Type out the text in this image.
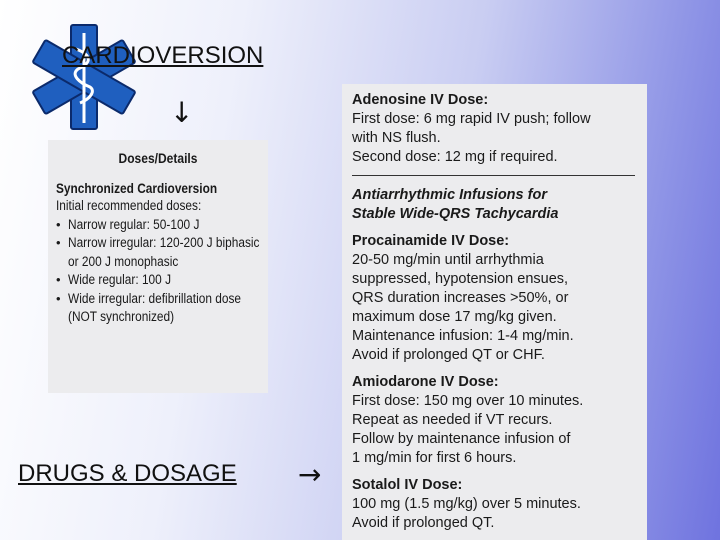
CARDIOVERSION
↓
Doses/Details
Synchronized Cardioversion
Initial recommended doses:
• Narrow regular: 50-100 J
• Narrow irregular: 120-200 J biphasic
or 200 J monophasic
• Wide regular: 100 J
• Wide irregular: defibrillation dose
(NOT synchronized)
Adenosine IV Dose:
First dose: 6 mg rapid IV push; follow
with NS flush.
Second dose: 12 mg if required.
Antiarrhythmic Infusions for
Stable Wide-QRS Tachycardia
Procainamide IV Dose:
20-50 mg/min until arrhythmia
suppressed, hypotension ensues,
QRS duration increases >50%, or
maximum dose 17 mg/kg given.
Maintenance infusion: 1-4 mg/min.
Avoid if prolonged QT or CHF.
Amiodarone IV Dose:
First dose: 150 mg over 10 minutes.
Repeat as needed if VT recurs.
Follow by maintenance infusion of
1 mg/min for first 6 hours.
Sotalol IV Dose:
100 mg (1.5 mg/kg) over 5 minutes.
Avoid if prolonged QT.
DRUGS & DOSAGE →
